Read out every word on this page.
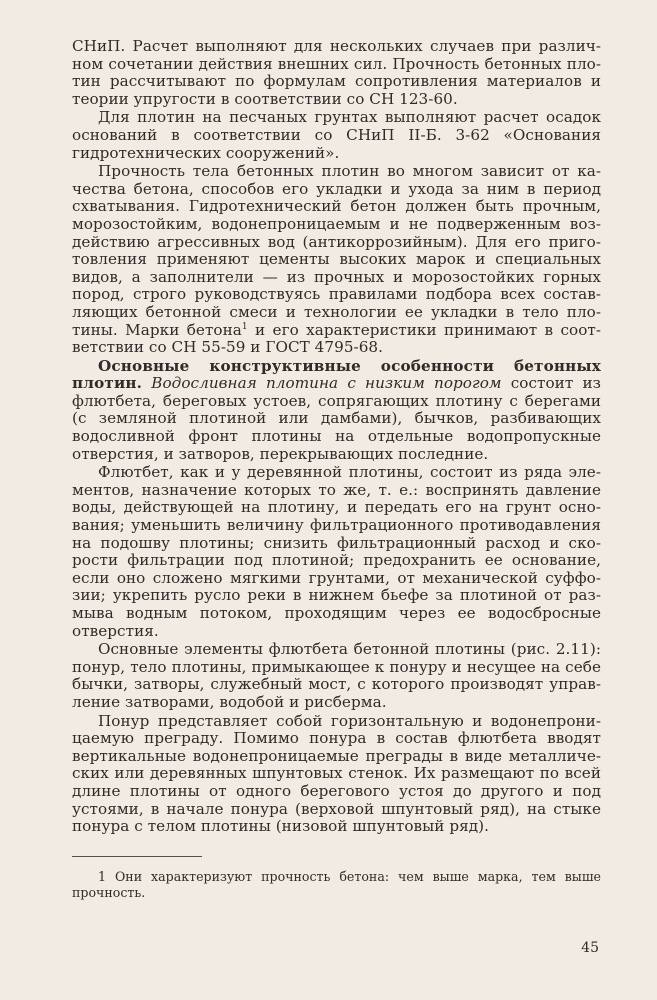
СНиП. Расчет выполняют для нескольких случаев при различном сочетании действия внешних сил. Прочность бетонных плотин рассчитывают по формулам сопротивления материалов и теории упругости в соответствии со СН 123-60.

Для плотин на песчаных грунтах выполняют расчет осадок оснований в соответствии со СНиП II-Б. 3-62 «Основания гидротехнических сооружений».

Прочность тела бетонных плотин во многом зависит от качества бетона, способов его укладки и ухода за ним в период схватывания. Гидротехнический бетон должен быть прочным, морозостойким, водонепроницаемым и не подверженным воздействию агрессивных вод (антикоррозийным). Для его приготовления применяют цементы высоких марок и специальных видов, а заполнители — из прочных и морозостойких горных пород, строго руководствуясь правилами подбора всех составляющих бетонной смеси и технологии ее укладки в тело плотины. Марки бетона$^1$ и его характеристики принимают в соответствии со СН 55-59 и ГОСТ 4795-68.

Основные конструктивные особенности бетонных плотин. Водосливная плотина с низким порогом состоит из флютбета, береговых устоев, сопрягающих плотину с берегами (с земляной плотиной или дамбами), бычков, разбивающих водосливной фронт плотины на отдельные водопропускные отверстия, и затворов, перекрывающих последние.

Флютбет, как и у деревянной плотины, состоит из ряда элементов, назначение которых то же, т. е.: воспринять давление воды, действующей на плотину, и передать его на грунт основания; уменьшить величину фильтрационного противодавления на подошву плотины; снизить фильтрационный расход и скорости фильтрации под плотиной; предохранить ее основание, если оно сложено мягкими грунтами, от механической суффозии; укрепить русло реки в нижнем бьефе за плотиной от размыва водным потоком, проходящим через ее водосбросные отверстия.

Основные элементы флютбета бетонной плотины (рис. 2.11): понур, тело плотины, примыкающее к понуру и несущее на себе бычки, затворы, служебный мост, с которого производят управление затворами, водобой и рисберма.

Понур представляет собой горизонтальную и водонепроницаемую преграду. Помимо понура в состав флютбета вводят вертикальные водонепроницаемые преграды в виде металлических или деревянных шпунтовых стенок. Их размещают по всей длине плотины от одного берегового устоя до другого и под устоями, в начале понура (верховой шпунтовый ряд), на стыке понура с телом плотины (низовой шпунтовый ряд).

1 Они характеризуют прочность бетона: чем выше марка, тем выше прочность.

45
